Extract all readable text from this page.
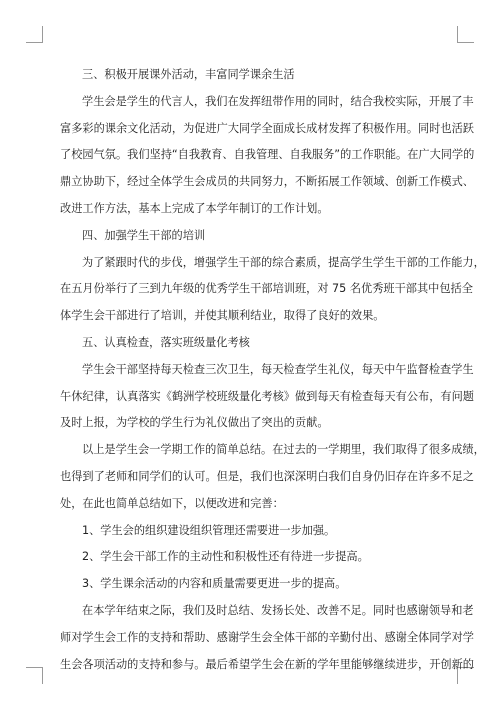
三、积极开展课外活动，丰富同学课余生活
学生会是学生的代言人，我们在发挥纽带作用的同时，结合我校实际，开展了丰
富多彩的课余文化活动，为促进广大同学全面成长成材发挥了积极作用。同时也活跃
了校园气氛。我们坚持“自我教育、自我管理、自我服务”的工作职能。在广大同学的
鼎立协助下，经过全体学生会成员的共同努力，不断拓展工作领域、创新工作模式、
改进工作方法，基本上完成了本学年制订的工作计划。
四、加强学生干部的培训
为了紧跟时代的步伐，增强学生干部的综合素质，提高学生学生干部的工作能力，
在五月份举行了三到九年级的优秀学生干部培训班，对 75 名优秀班干部其中包括全
体学生会干部进行了培训，并使其顺利结业，取得了良好的效果。
五、认真检查，落实班级量化考核
学生会干部坚持每天检查三次卫生，每天检查学生礼仪，每天中午监督检查学生
午休纪律，认真落实《鹤洲学校班级量化考核》做到每天有检查每天有公布，有问题
及时上报，为学校的学生行为礼仪做出了突出的贡献。
以上是学生会一学期工作的简单总结。在过去的一学期里，我们取得了很多成绩，
也得到了老师和同学们的认可。但是，我们也深深明白我们自身仍旧存在许多不足之
处，在此也简单总结如下，以便改进和完善：
1、学生会的组织建设组织管理还需要进一步加强。
2、学生会干部工作的主动性和积极性还有待进一步提高。
3、学生课余活动的内容和质量需要更进一步的提高。
在本学年结束之际，我们及时总结、发扬长处、改善不足。同时也感谢领导和老
师对学生会工作的支持和帮助、感谢学生会全体干部的辛勤付出、感谢全体同学对学
生会各项活动的支持和参与。最后希望学生会在新的学年里能够继续进步，开创新的
